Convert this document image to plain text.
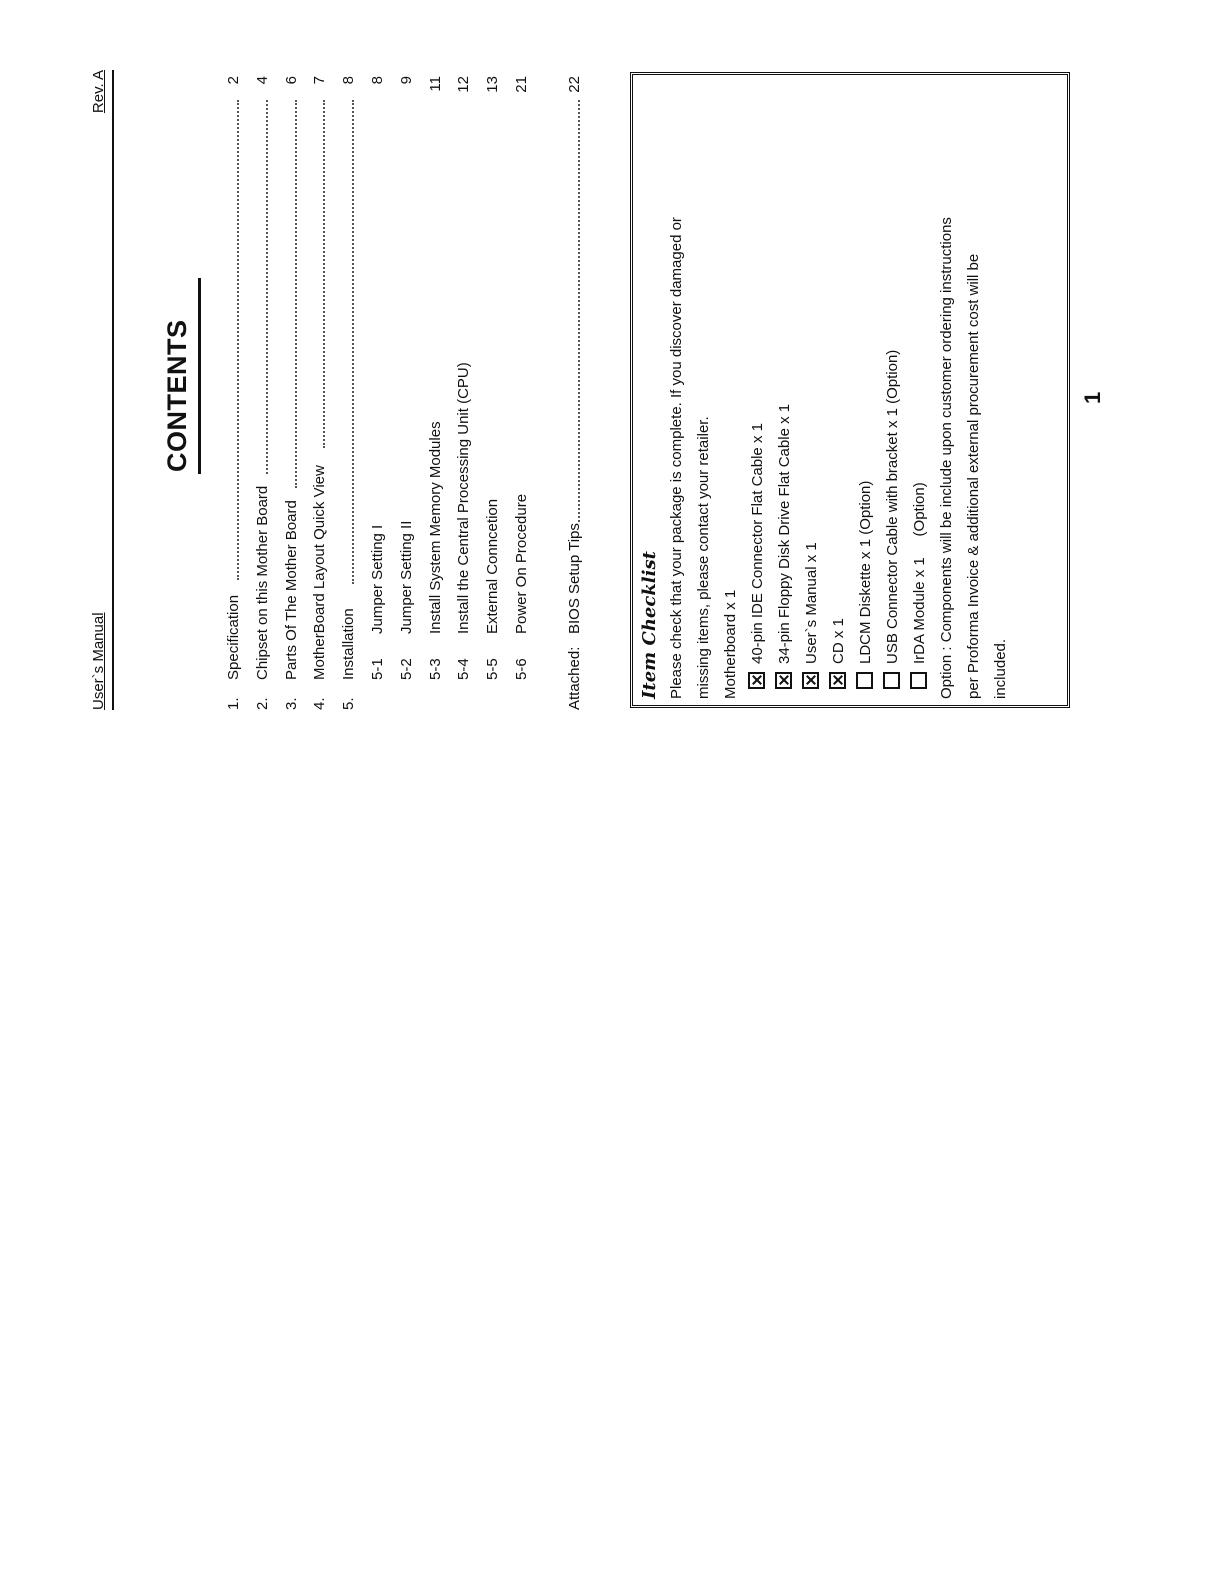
User`s Manual
Rev. A
CONTENTS
1.
Specification
2
2.
Chipset on this Mother Board
4
3.
Parts Of The Mother Board
6
4.
MotherBoard Layout Quick View
7
5.
Installation
8
5-1
Jumper Setting I
8
5-2
Jumper Setting II
9
5-3
Install System Memory Modules
11
5-4
Install the Central Processing Unit (CPU)
12
5-5
External Conncetion
13
5-6
Power On Procedure
21
Attached:
BIOS Setup Tips
22
Item Checklist Please check that your package is complete. If you discover damaged or missing items, please contact your retailer. Motherboard x 1 40-pin IDE Connector Flat Cable x 1 34-pin Floppy Disk Drive Flat Cable x 1 User`s Manual x 1 CD x 1 LDCM Diskette x 1 (Option) USB Connector Cable with bracket x 1 (Option) IrDA Module x 1     (Option) Option : Components will be include upon customer ordering instructions per Proforma Invoice & additional external procurement cost will be included.
1
